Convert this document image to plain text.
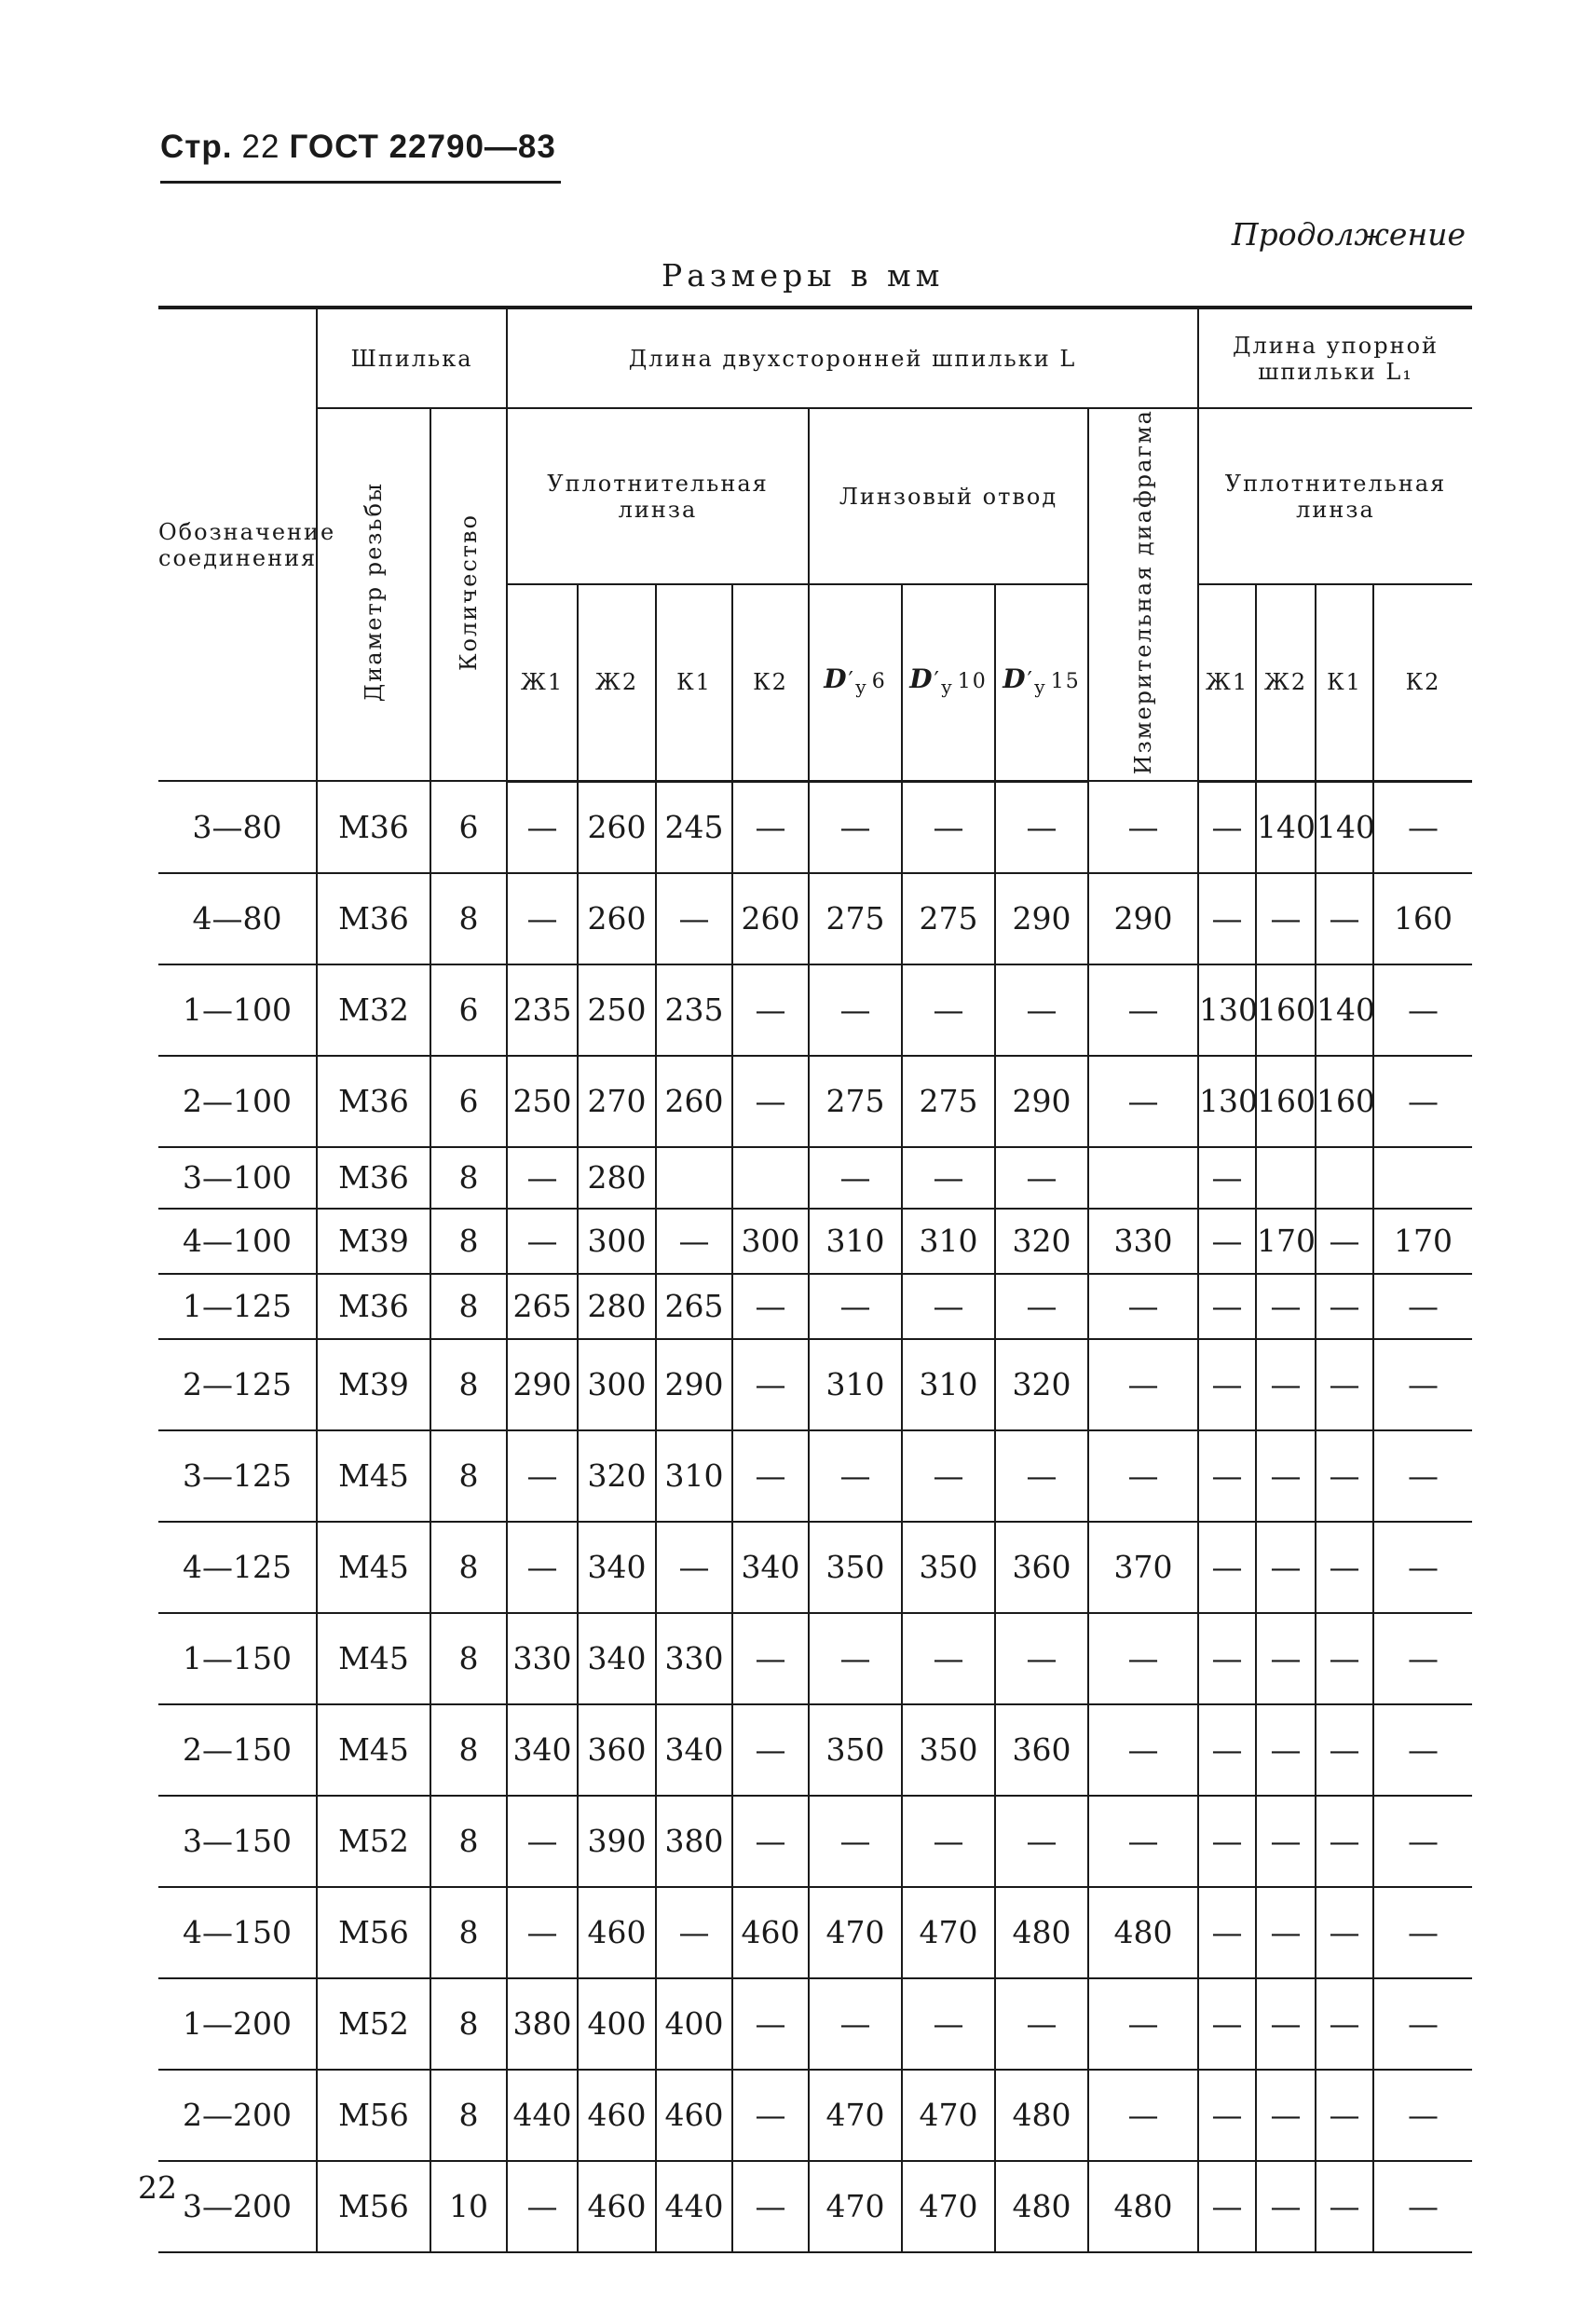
Стр. 22 ГОСТ 22790—83
Продолжение
Размеры в мм
Обозначение соединения	Шпилька		Длина двухсторонней шпильки L								Длина упорной шпильки L₁			
	Диаметр резьбы	Количество	Уплотнительная линза				Линзовый отвод			Измерительная диафрагма	Уплотнительная линза			
			Ж1	Ж2	К1	К2	$D'_у$ 6	$D'_у$ 10	$D'_у$ 15		Ж1	Ж2	К1	К2
3—80	М36	6	—	260	245	—	—	—	—	—	—	140	140	—
4—80	М36	8	—	260	—	260	275	275	290	290	—	—	—	160
1—100	М32	6	235	250	235	—	—	—	—	—	130	160	140	—
2—100	М36	6	250	270	260	—	275	275	290	—	130	160	160	—
3—100	М36	8	—	280			—	—	—		—			
4—100	М39	8	—	300	—	300	310	310	320	330	—	170	—	170
1—125	М36	8	265	280	265	—	—	—	—	—	—	—	—	—
2—125	М39	8	290	300	290	—	310	310	320	—	—	—	—	—
3—125	М45	8	—	320	310	—	—	—	—	—	—	—	—	—
4—125	М45	8	—	340	—	340	350	350	360	370	—	—	—	—
1—150	М45	8	330	340	330	—	—	—	—	—	—	—	—	—
2—150	М45	8	340	360	340	—	350	350	360	—	—	—	—	—
3—150	М52	8	—	390	380	—	—	—	—	—	—	—	—	—
4—150	М56	8	—	460	—	460	470	470	480	480	—	—	—	—
1—200	М52	8	380	400	400	—	—	—	—	—	—	—	—	—
2—200	М56	8	440	460	460	—	470	470	480	—	—	—	—	—
3—200	М56	10	—	460	440	—	470	470	480	480	—	—	—	—
22
